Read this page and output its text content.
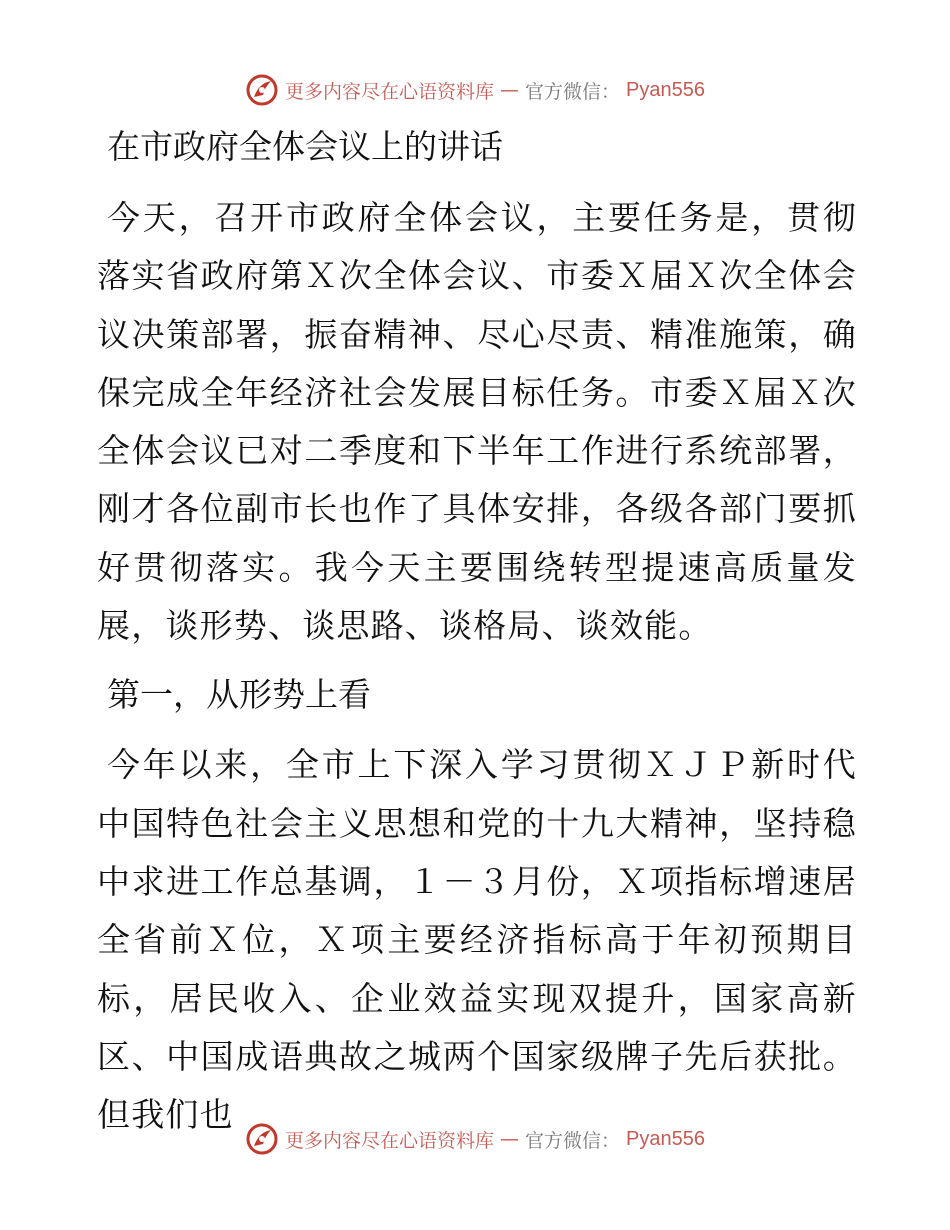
更多内容尽在心语资料库 — 官方微信： Pyan556
在市政府全体会议上的讲话

今天，召开市政府全体会议，主要任务是，贯彻落实省政府第Ｘ次全体会议、市委Ｘ届Ｘ次全体会议决策部署，振奋精神、尽心尽责、精准施策，确保完成全年经济社会发展目标任务。市委Ｘ届Ｘ次全体会议已对二季度和下半年工作进行系统部署，刚才各位副市长也作了具体安排，各级各部门要抓好贯彻落实。我今天主要围绕转型提速高质量发展，谈形势、谈思路、谈格局、谈效能。

第一，从形势上看

今年以来，全市上下深入学习贯彻ＸＪＰ新时代中国特色社会主义思想和党的十九大精神，坚持稳中求进工作总基调，１－３月份，Ｘ项指标增速居全省前Ｘ位，Ｘ项主要经济指标高于年初预期目标，居民收入、企业效益实现双提升，国家高新区、中国成语典故之城两个国家级牌子先后获批。但我们也

更多内容尽在心语资料库 — 官方微信： Pyan556
